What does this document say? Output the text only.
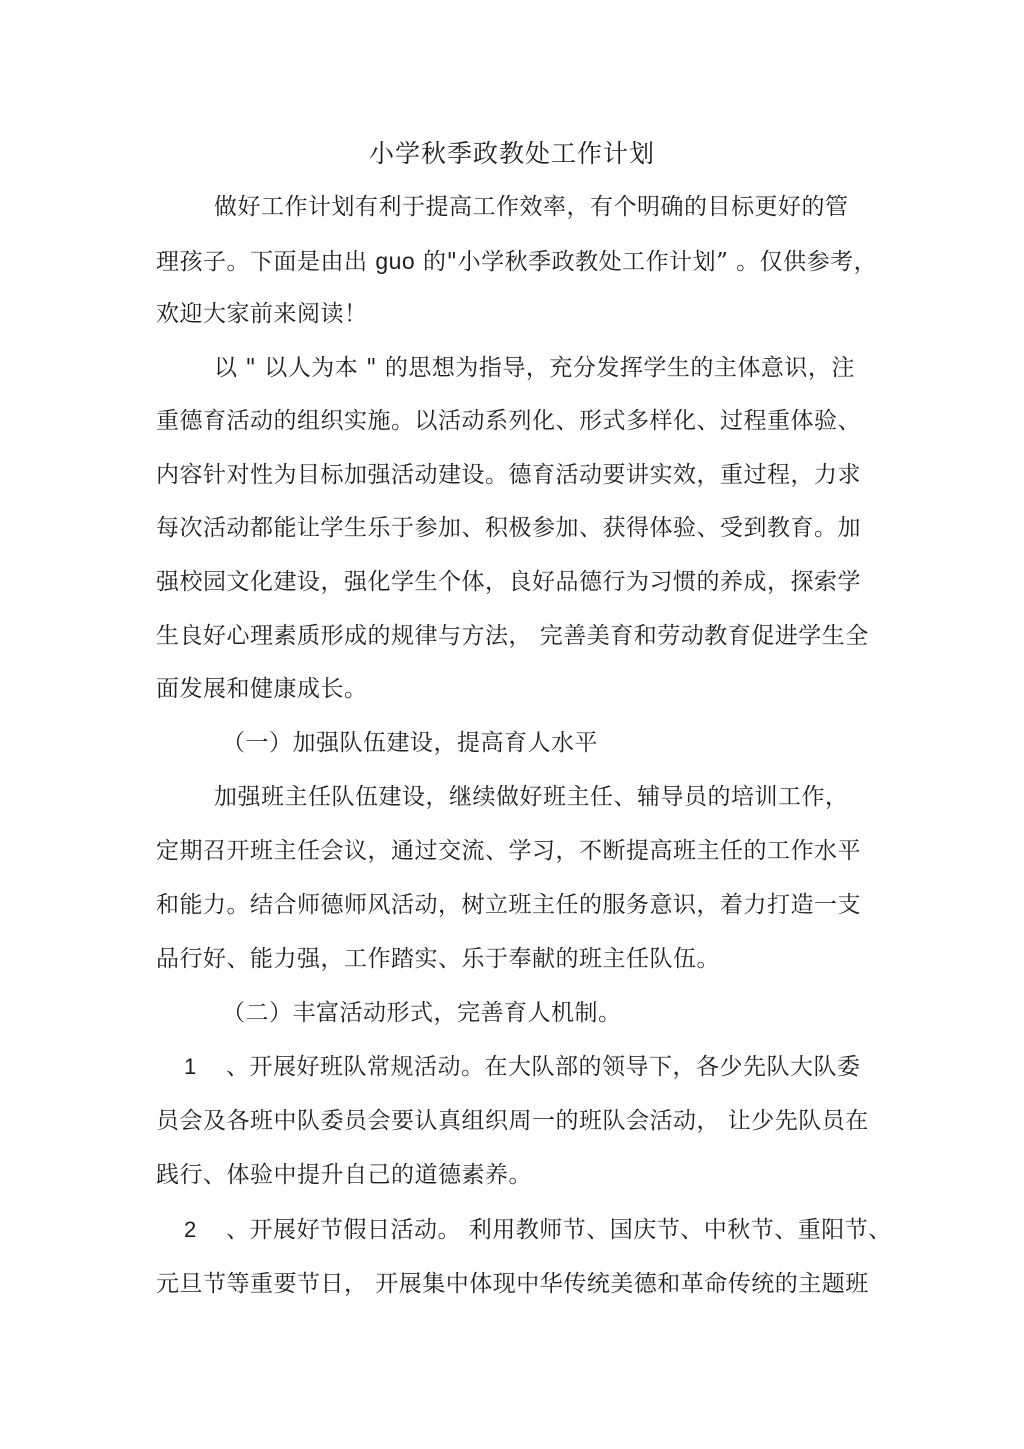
小学秋季政教处工作计划
做好工作计划有利于提高工作效率，有个明确的目标更好的管
理孩子。下面是由出 guo 的"小学秋季政教处工作计划” 。仅供参考，
欢迎大家前来阅读！
以 " 以人为本 " 的思想为指导，充分发挥学生的主体意识，注
重德育活动的组织实施。以活动系列化、形式多样化、过程重体验、
内容针对性为目标加强活动建设。德育活动要讲实效，重过程，力求
每次活动都能让学生乐于参加、积极参加、获得体验、受到教育。加
强校园文化建设，强化学生个体，良好品德行为习惯的养成，探索学
生良好心理素质形成的规律与方法， 完善美育和劳动教育促进学生全
面发展和健康成长。
（一）加强队伍建设，提高育人水平
加强班主任队伍建设，继续做好班主任、辅导员的培训工作，
定期召开班主任会议，通过交流、学习，不断提高班主任的工作水平
和能力。结合师德师风活动，树立班主任的服务意识，着力打造一支
品行好、能力强，工作踏实、乐于奉献的班主任队伍。
（二）丰富活动形式，完善育人机制。
1 、开展好班队常规活动。在大队部的领导下，各少先队大队委
员会及各班中队委员会要认真组织周一的班队会活动， 让少先队员在
践行、体验中提升自己的道德素养。
2 、开展好节假日活动。 利用教师节、国庆节、中秋节、重阳节、
元旦节等重要节日， 开展集中体现中华传统美德和革命传统的主题班
